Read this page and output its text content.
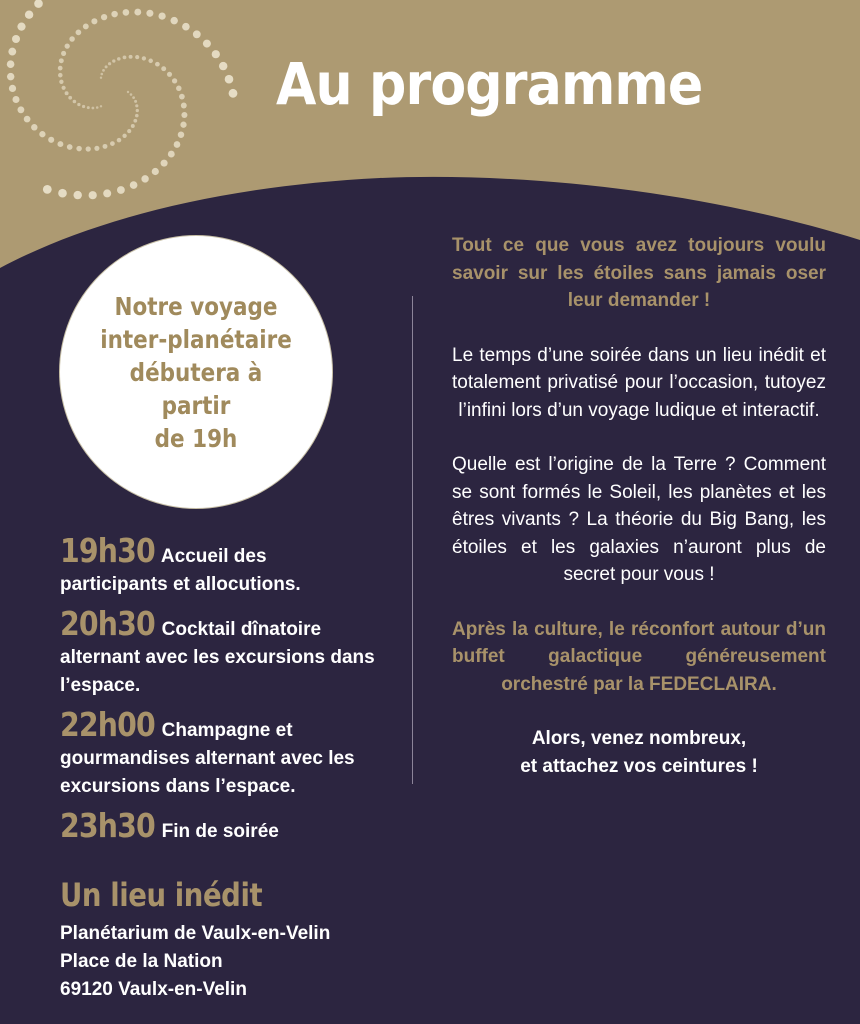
Au programme
Notre voyage
inter-planétaire
débutera à partir
de 19h
19h30 Accueil des
participants et allocutions.
20h30 Cocktail dînatoire
alternant avec les excursions dans l’espace.
22h00 Champagne et
gourmandises alternant avec les excursions dans l’espace.
23h30 Fin de soirée
Un lieu inédit
Planétarium de Vaulx-en-Velin
Place de la Nation
69120 Vaulx-en-Velin

Tout ce que vous avez toujours voulu savoir sur les étoiles sans jamais oser leur demander !

Le temps d’une soirée dans un lieu inédit et totalement privatisé pour l’occasion, tutoyez l’infini lors d’un voyage ludique et interactif.

Quelle est l’origine de la Terre ? Comment se sont formés le Soleil, les planètes et les êtres vivants ? La théorie du Big Bang, les étoiles et les galaxies n’auront plus de secret pour vous !

Après la culture, le réconfort autour d’un buffet galactique généreusement orchestré par la FEDECLAIRA.

Alors, venez nombreux,
et attachez vos ceintures !
